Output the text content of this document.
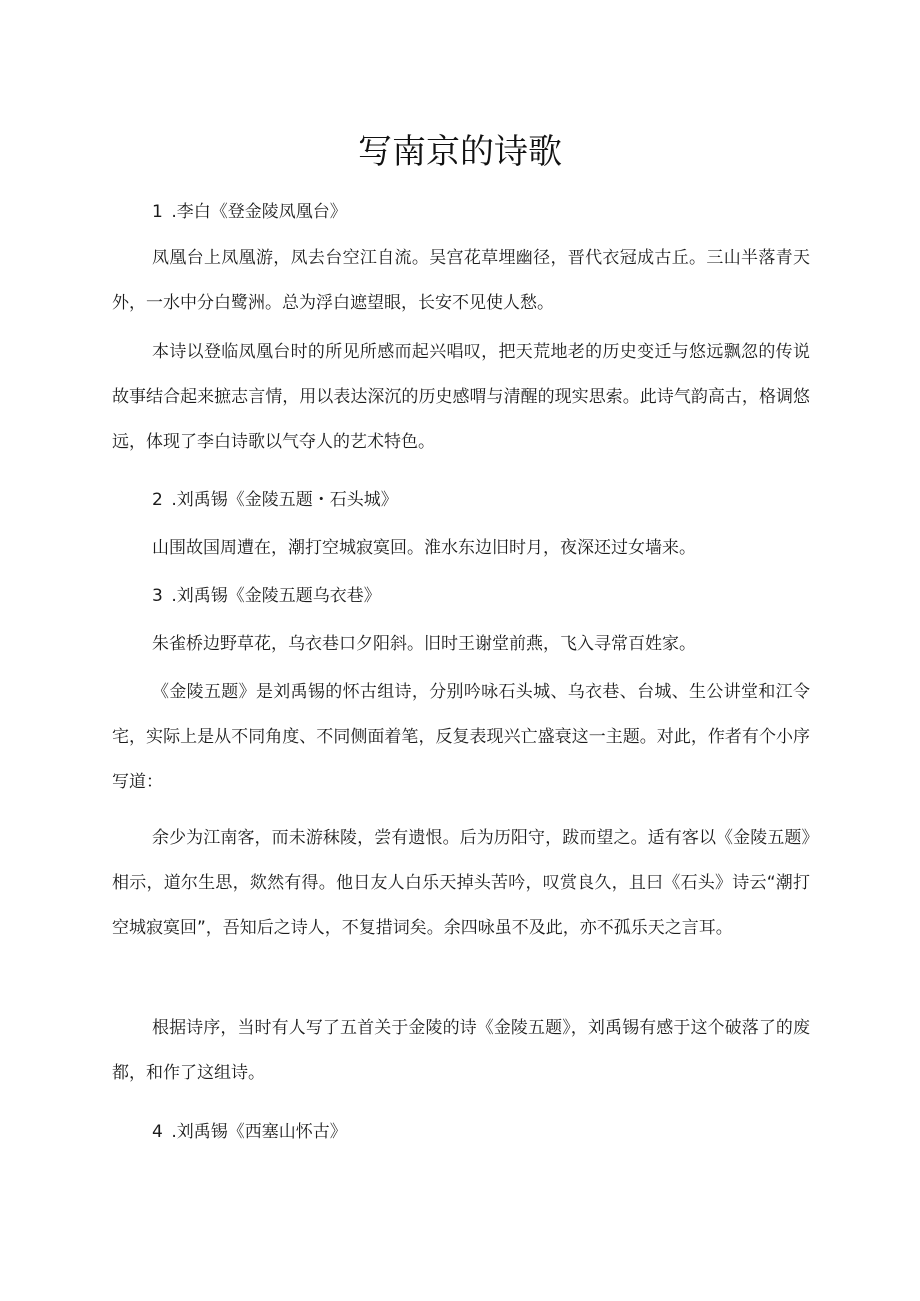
写南京的诗歌

1 .李白《登金陵凤凰台》

凤凰台上凤凰游，凤去台空江自流。吴宫花草埋幽径，晋代衣冠成古丘。三山半落青天外，一水中分白鹭洲。总为浮白遮望眼，长安不见使人愁。

本诗以登临凤凰台时的所见所感而起兴唱叹，把天荒地老的历史变迁与悠远飘忽的传说故事结合起来摭志言情，用以表达深沉的历史感喟与清醒的现实思索。此诗气韵高古，格调悠远，体现了李白诗歌以气夺人的艺术特色。

2 .刘禹锡《金陵五题・石头城》

山围故国周遭在，潮打空城寂寞回。淮水东边旧时月，夜深还过女墙来。

3 .刘禹锡《金陵五题乌衣巷》

朱雀桥边野草花，乌衣巷口夕阳斜。旧时王谢堂前燕，飞入寻常百姓家。

《金陵五题》是刘禹锡的怀古组诗，分别吟咏石头城、乌衣巷、台城、生公讲堂和江令宅，实际上是从不同角度、不同侧面着笔，反复表现兴亡盛衰这一主题。对此，作者有个小序写道：

余少为江南客，而未游秣陵，尝有遗恨。后为历阳守，跋而望之。适有客以《金陵五题》相示，道尔生思，欻然有得。他日友人白乐天掉头苦吟，叹赏良久，且曰《石头》诗云“潮打空城寂寞回”，吾知后之诗人，不复措词矣。余四咏虽不及此，亦不孤乐天之言耳。

根据诗序，当时有人写了五首关于金陵的诗《金陵五题》，刘禹锡有感于这个破落了的废都，和作了这组诗。

4 .刘禹锡《西塞山怀古》
